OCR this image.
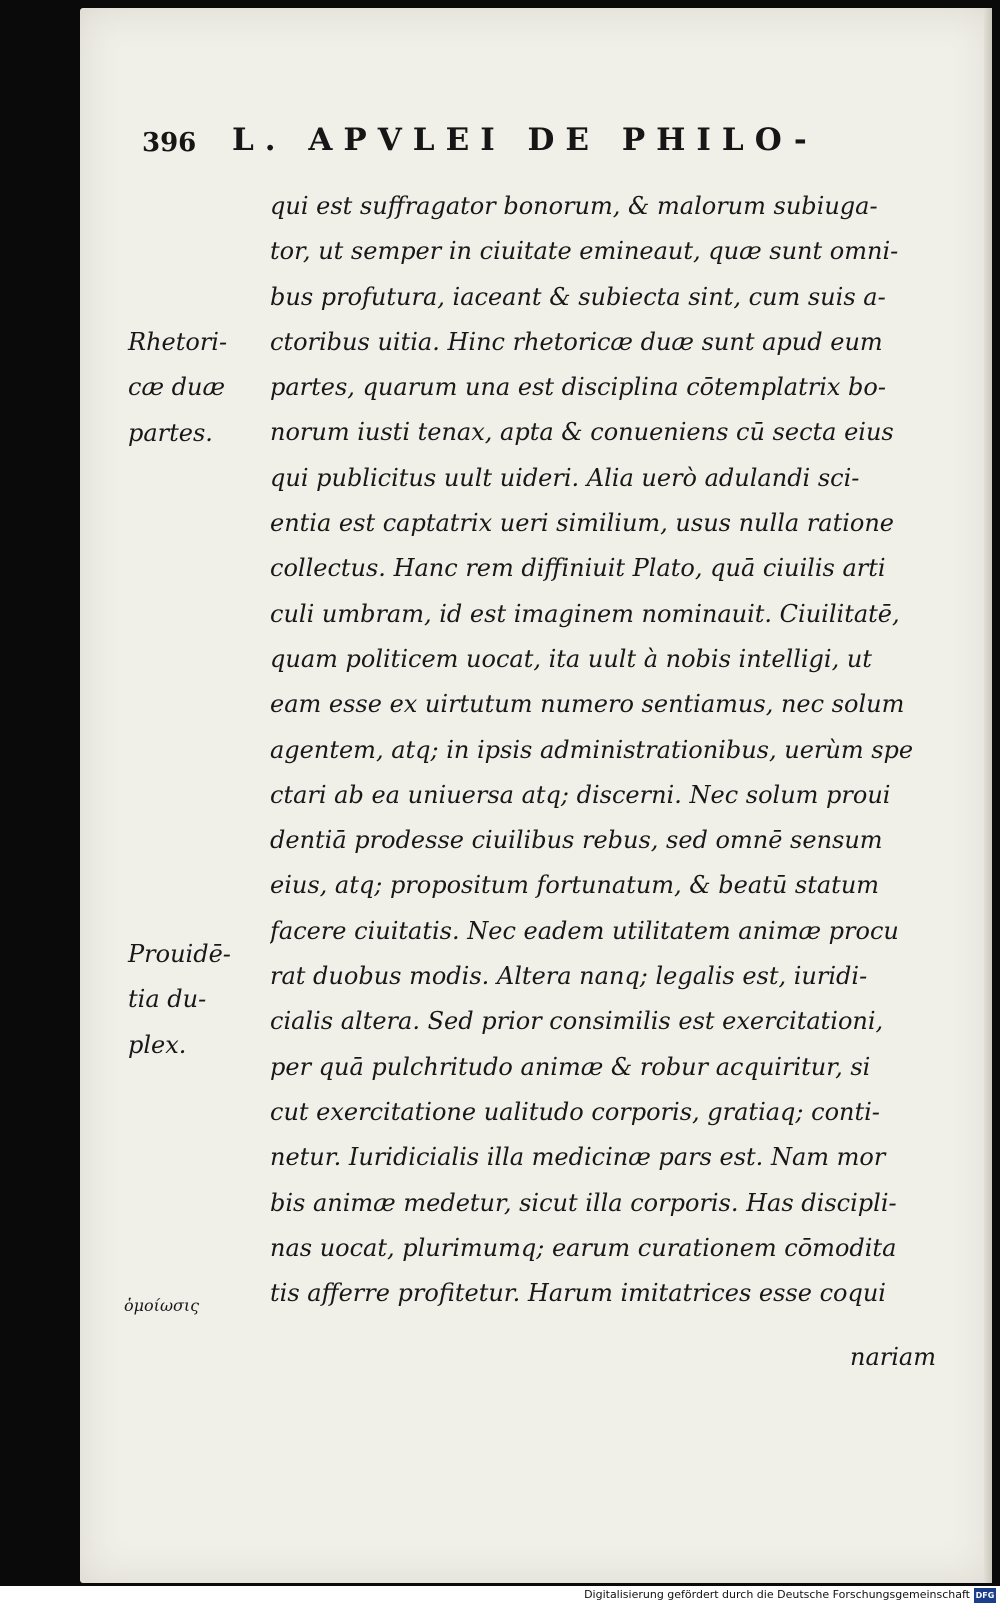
396 L. APVLEI DE PHILO-
Rhetori-
cæ duæ
partes.
Prouidē-
tia du-
plex.
ὁμοίωσις
qui est suffragator bonorum, & malorum subiuga-
tor, ut semper in ciuitate emineaut, quæ sunt omni-
bus profutura, iaceant & subiecta sint, cum suis a-
ctoribus uitia. Hinc rhetoricæ duæ sunt apud eum
partes, quarum una est disciplina cōtemplatrix bo-
norum iusti tenax, apta & conueniens cū secta eius
qui publicitus uult uideri. Alia uerò adulandi sci-
entia est captatrix ueri similium, usus nulla ratione
collectus. Hanc rem diffiniuit Plato, quā ciuilis arti
culi umbram, id est imaginem nominauit. Ciuilitatē,
quam politicem uocat, ita uult à nobis intelligi, ut
eam esse ex uirtutum numero sentiamus, nec solum
agentem, atq; in ipsis administrationibus, uerùm spe
ctari ab ea uniuersa atq; discerni. Nec solum proui
dentiā prodesse ciuilibus rebus, sed omnē sensum
eius, atq; propositum fortunatum, & beatū statum
facere ciuitatis. Nec eadem utilitatem animæ procu
rat duobus modis. Altera nanq; legalis est, iuridi-
cialis altera. Sed prior consimilis est exercitationi,
per quā pulchritudo animæ & robur acquiritur, si
cut exercitatione ualitudo corporis, gratiaq; conti-
netur. Iuridicialis illa medicinæ pars est. Nam mor
bis animæ medetur, sicut illa corporis. Has discipli-
nas uocat, plurimumq; earum curationem cōmodita
tis afferre profitetur. Harum imitatrices esse coqui
nariam
Digitalisierung gefördert durch die Deutsche Forschungsgemeinschaft DFG
